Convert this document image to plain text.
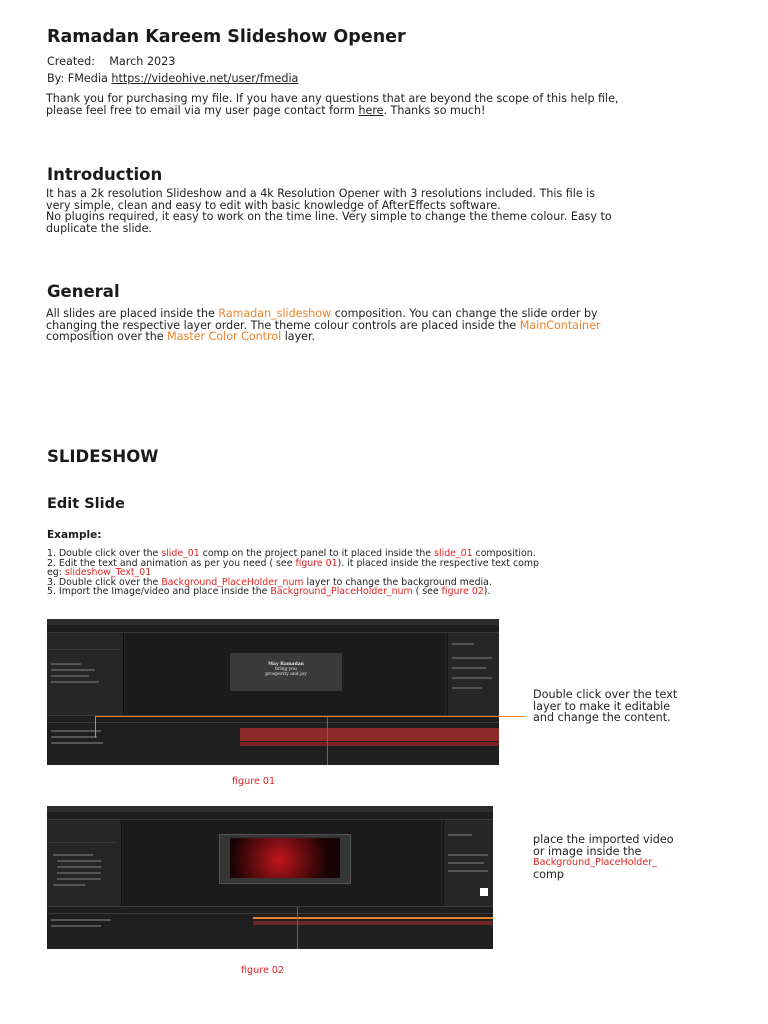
Ramadan Kareem Slideshow Opener
Created: March 2023
By: FMedia https://videohive.net/user/fmedia
Thank you for purchasing my file. If you have any questions that are beyond the scope of this help file,
please feel free to email via my user page contact form here. Thanks so much!
Introduction
It has a 2k resolution Slideshow and a 4k Resolution Opener with 3 resolutions included. This file is
very simple, clean and easy to edit with basic knowledge of AfterEffects software.
No plugins required, it easy to work on the time line. Very simple to change the theme colour. Easy to
duplicate the slide.
General
All slides are placed inside the Ramadan_slideshow composition. You can change the slide order by
changing the respective layer order. The theme colour controls are placed inside the MainContainer
composition over the Master Color Control layer.
SLIDESHOW
Edit Slide
Example:
1. Double click over the slide_01 comp on the project panel to it placed inside the slide_01 composition.
2. Edit the text and animation as per you need ( see figure 01). it placed inside the respective text comp
eg: slideshow_Text_01
3. Double click over the Background_PlaceHolder_num layer to change the background media.
5. Import the Image/video and place inside the Background_PlaceHolder_num ( see figure 02).
May Ramadan
bring you
prosperity and joy
Double click over the text
layer to make it editable
and change the content.
figure 01
place the imported video
or image inside the
Background_PlaceHolder_
comp
figure 02
